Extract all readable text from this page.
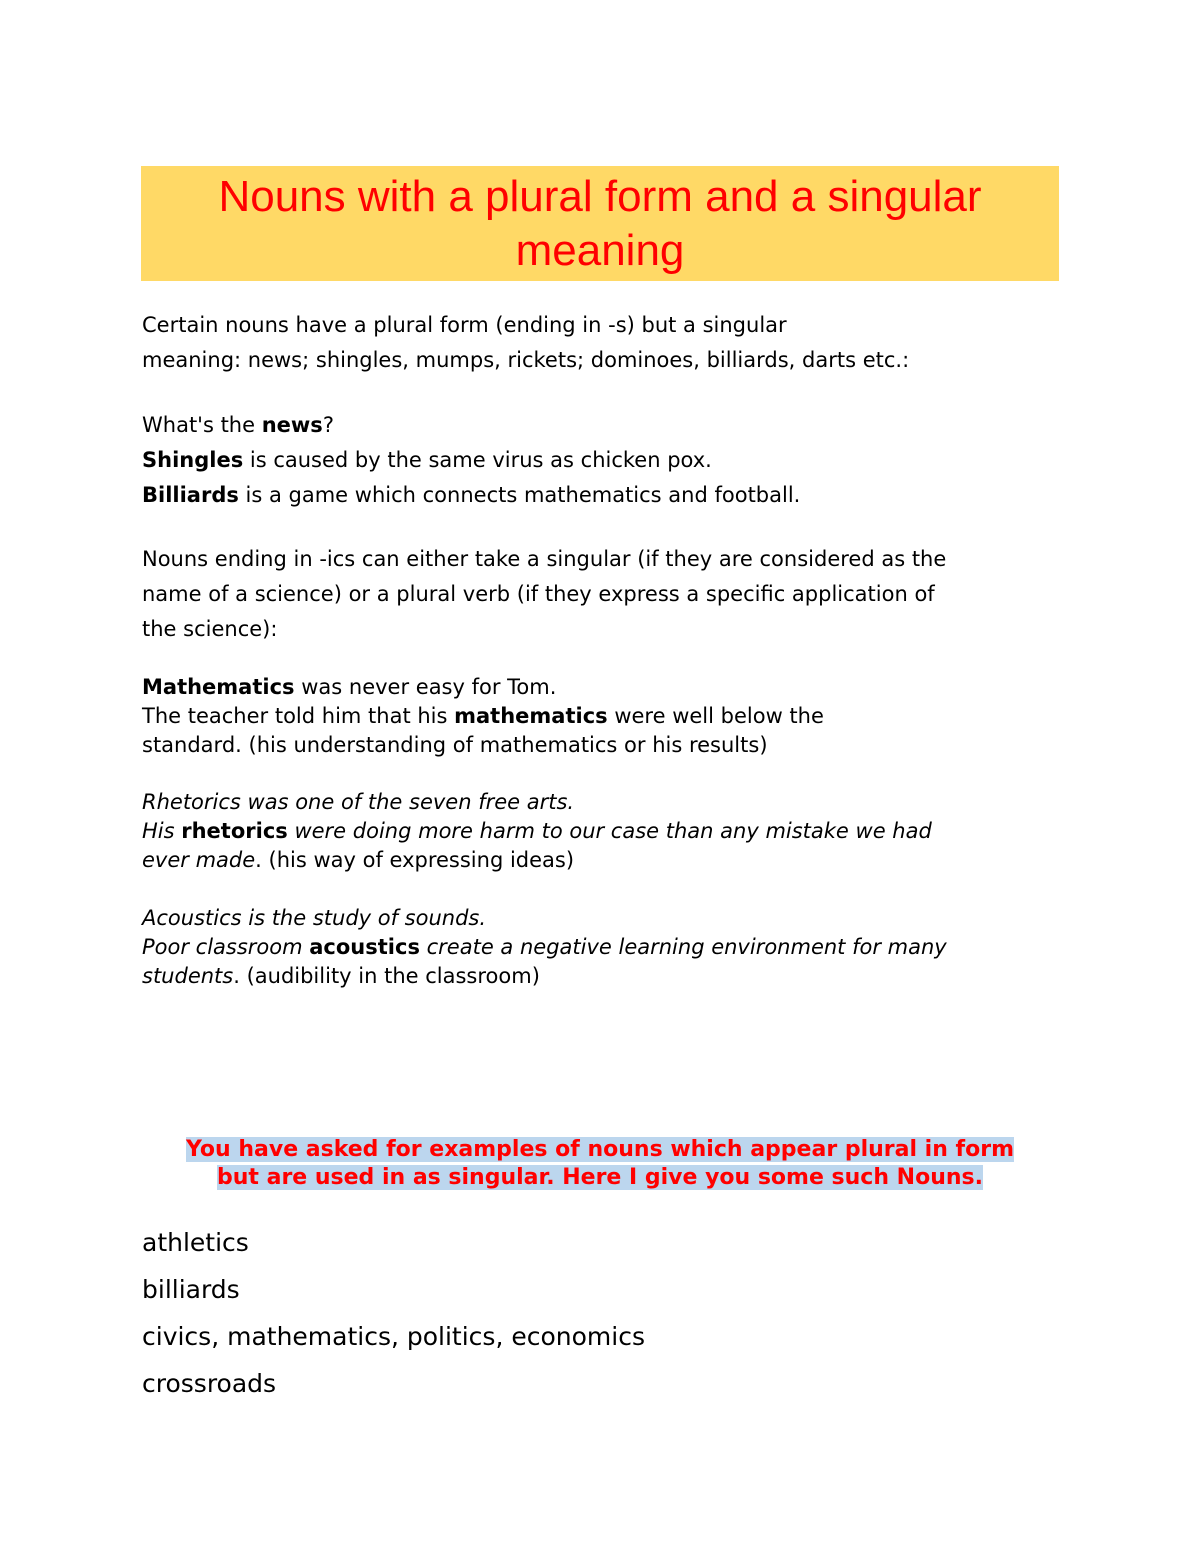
Nouns with a plural form and a singular
meaning
Certain nouns have a plural form (ending in -s) but a singular
meaning: news; shingles, mumps, rickets; dominoes, billiards, darts etc.:
What's the news?
Shingles is caused by the same virus as chicken pox.
Billiards is a game which connects mathematics and football.
Nouns ending in -ics can either take a singular (if they are considered as the
name of a science) or a plural verb (if they express a specific application of
the science):
Mathematics was never easy for Tom.
The teacher told him that his mathematics were well below the
standard. (his understanding of mathematics or his results)
Rhetorics was one of the seven free arts.
His rhetorics were doing more harm to our case than any mistake we had
ever made. (his way of expressing ideas)
Acoustics is the study of sounds.
Poor classroom acoustics create a negative learning environment for many
students. (audibility in the classroom)
You have asked for examples of nouns which appear plural in form
but are used in as singular. Here I give you some such Nouns.
athletics
billiards
civics, mathematics, politics, economics
crossroads
